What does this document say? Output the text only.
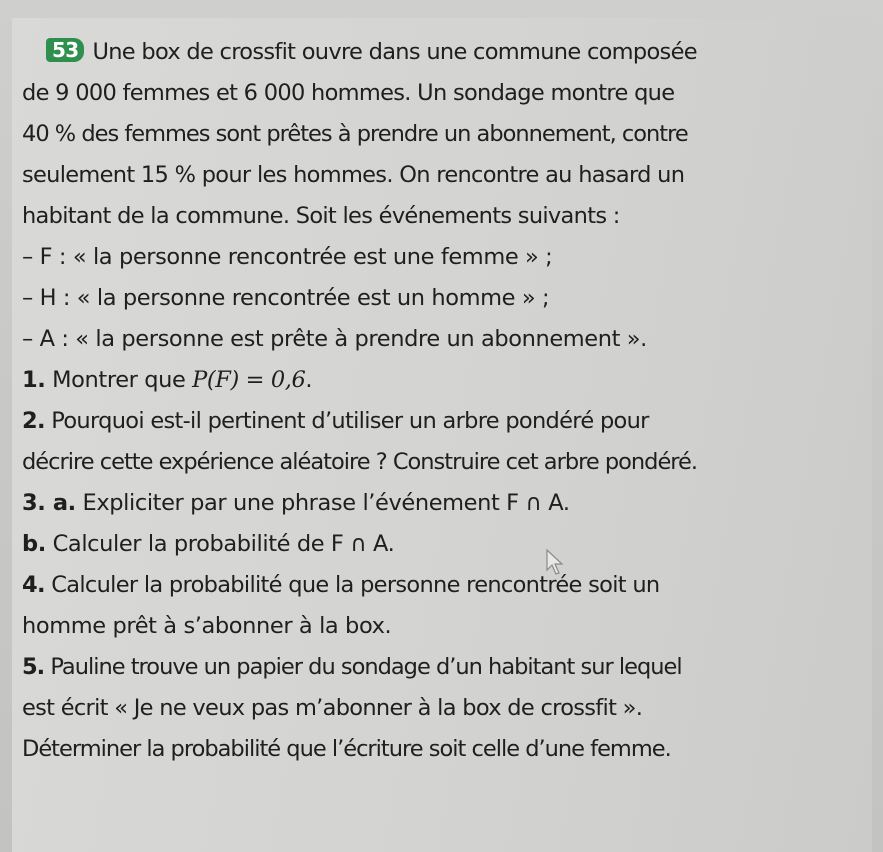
53 Une box de crossfit ouvre dans une commune composée
de 9 000 femmes et 6 000 hommes. Un sondage montre que
40 % des femmes sont prêtes à prendre un abonnement, contre
seulement 15 % pour les hommes. On rencontre au hasard un
habitant de la commune. Soit les événements suivants :
– F : « la personne rencontrée est une femme » ;
– H : « la personne rencontrée est un homme » ;
– A : « la personne est prête à prendre un abonnement ».
1. Montrer que P(F) = 0,6.
2. Pourquoi est-il pertinent d’utiliser un arbre pondéré pour
décrire cette expérience aléatoire ? Construire cet arbre pondéré.
3. a. Expliciter par une phrase l’événement F ∩ A.
b. Calculer la probabilité de F ∩ A.
4. Calculer la probabilité que la personne rencontrée soit un
homme prêt à s’abonner à la box.
5. Pauline trouve un papier du sondage d’un habitant sur lequel
est écrit « Je ne veux pas m’abonner à la box de crossfit ».
Déterminer la probabilité que l’écriture soit celle d’une femme.
